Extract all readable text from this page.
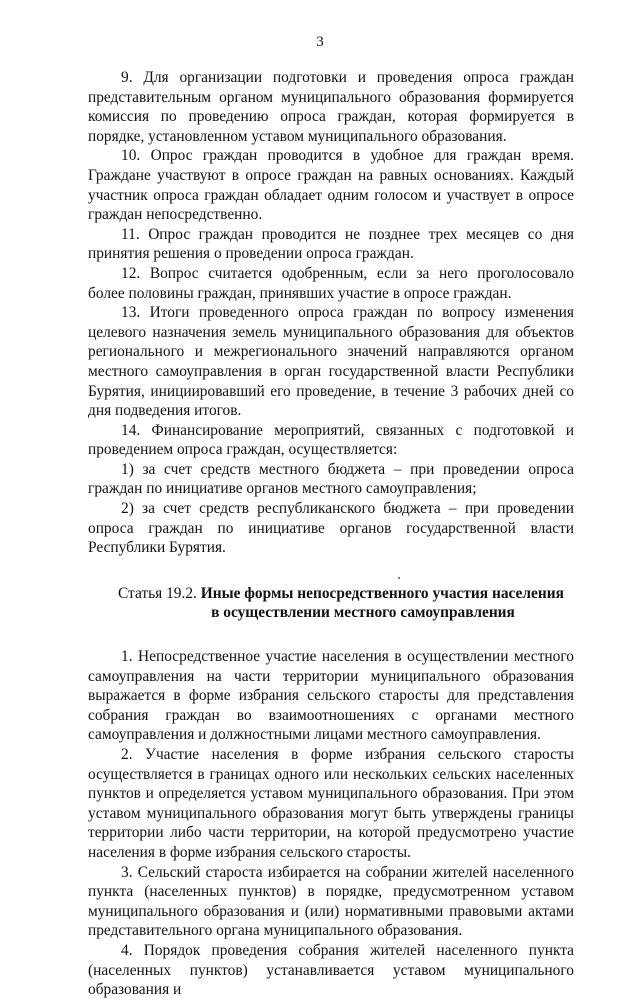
3

9. Для организации подготовки и проведения опроса граждан представительным органом муниципального образования формируется комиссия по проведению опроса граждан, которая формируется в порядке, установленном уставом муниципального образования.

10. Опрос граждан проводится в удобное для граждан время. Граждане участвуют в опросе граждан на равных основаниях. Каждый участник опроса граждан обладает одним голосом и участвует в опросе граждан непосредственно.

11. Опрос граждан проводится не позднее трех месяцев со дня принятия решения о проведении опроса граждан.

12. Вопрос считается одобренным, если за него проголосовало более половины граждан, принявших участие в опросе граждан.

13. Итоги проведенного опроса граждан по вопросу изменения целевого назначения земель муниципального образования для объектов регионального и межрегионального значений направляются органом местного самоуправления в орган государственной власти Республики Бурятия, инициировавший его проведение, в течение 3 рабочих дней со дня подведения итогов.

14. Финансирование мероприятий, связанных с подготовкой и проведением опроса граждан, осуществляется:

1) за счет средств местного бюджета – при проведении опроса граждан по инициативе органов местного самоуправления;

2) за счет средств республиканского бюджета – при проведении опроса граждан по инициативе органов государственной власти Республики Бурятия.

Статья 19.2. Иные формы непосредственного участия населения
в осуществлении местного самоуправления

1. Непосредственное участие населения в осуществлении местного самоуправления на части территории муниципального образования выражается в форме избрания сельского старосты для представления собрания граждан во взаимоотношениях с органами местного самоуправления и должностными лицами местного самоуправления.

2. Участие населения в форме избрания сельского старосты осуществляется в границах одного или нескольких сельских населенных пунктов и определяется уставом муниципального образования. При этом уставом муниципального образования могут быть утверждены границы территории либо части территории, на которой предусмотрено участие населения в форме избрания сельского старосты.

3. Сельский староста избирается на собрании жителей населенного пункта (населенных пунктов) в порядке, предусмотренном уставом муниципального образования и (или) нормативными правовыми актами представительного органа муниципального образования.

4. Порядок проведения собрания жителей населенного пункта (населенных пунктов) устанавливается уставом муниципального образования и
